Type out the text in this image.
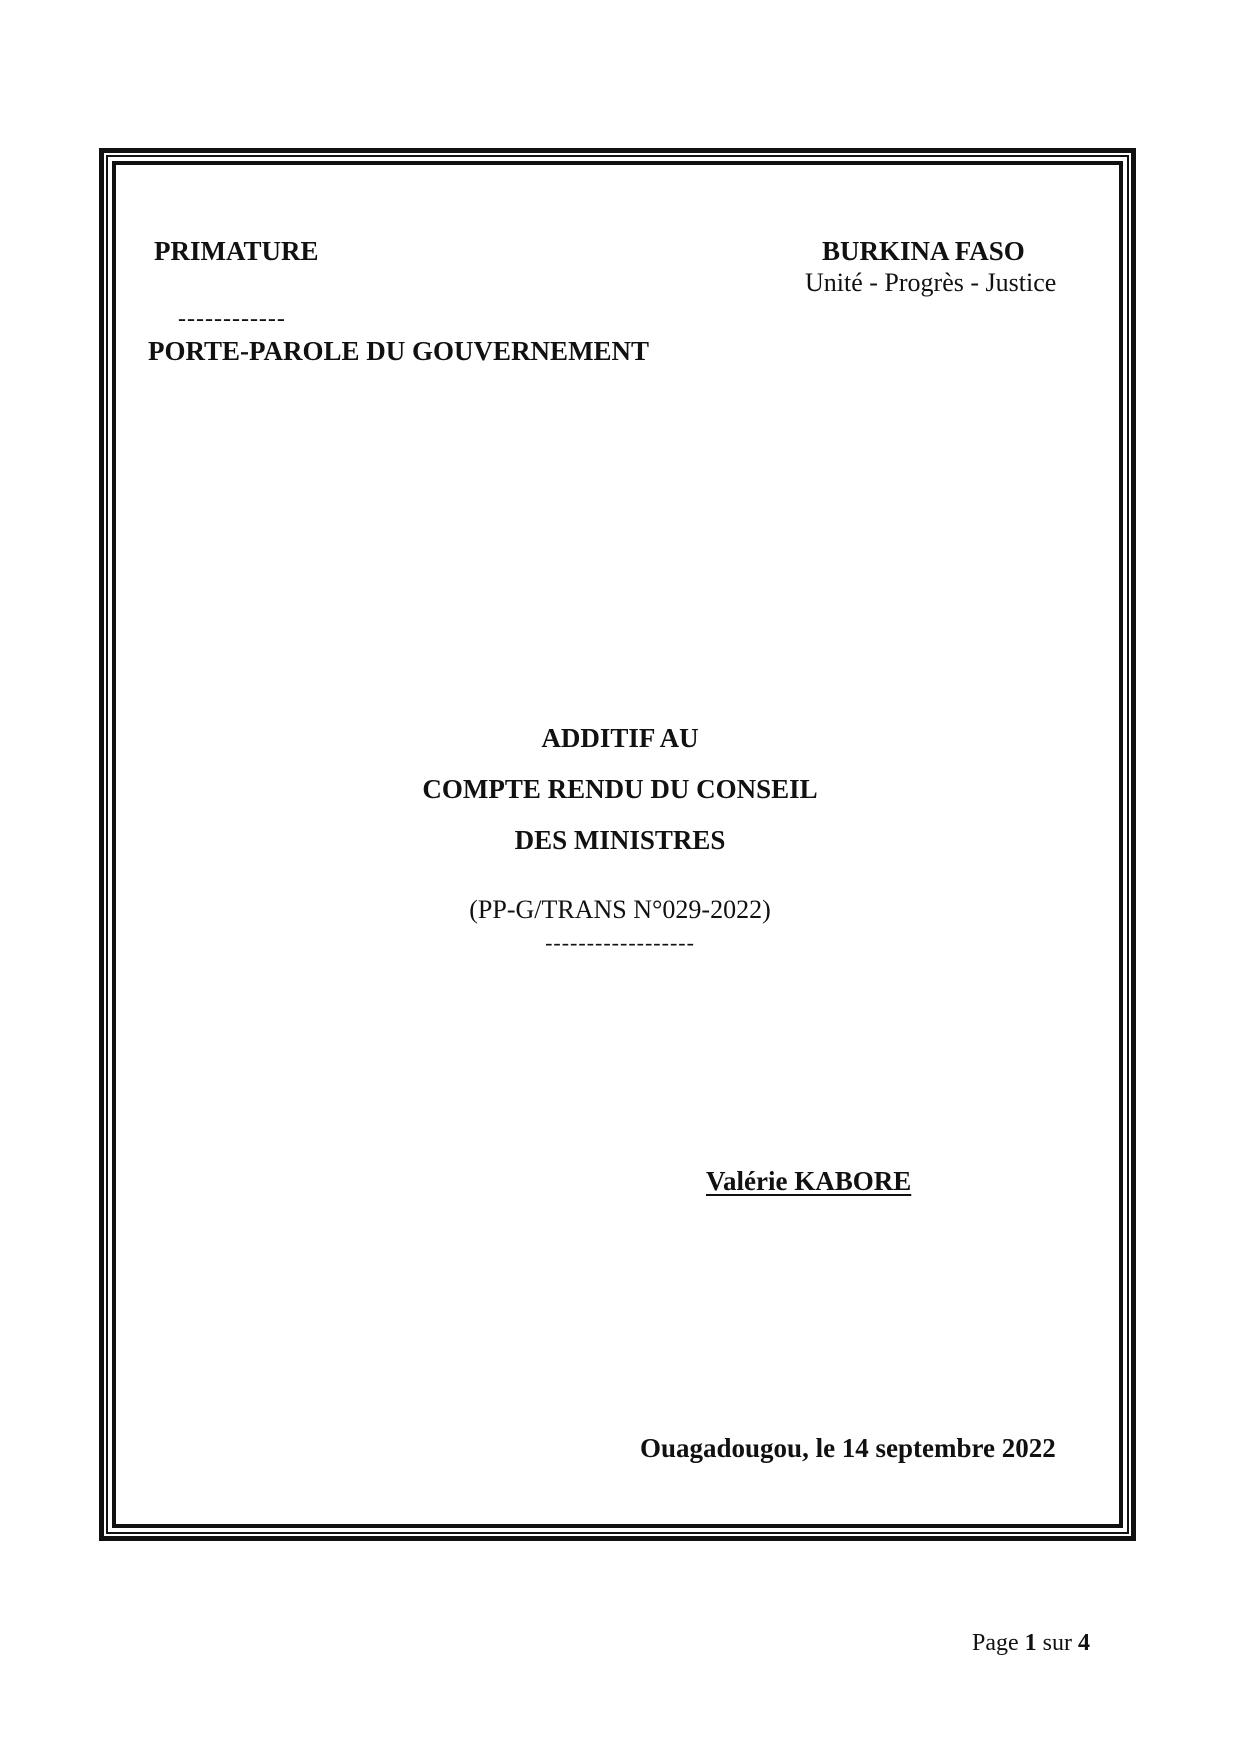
PRIMATURE	BURKINA FASO
Unité - Progrès - Justice
------------
PORTE-PAROLE DU GOUVERNEMENT
ADDITIF AU
COMPTE RENDU DU CONSEIL
DES MINISTRES
(PP-G/TRANS N°029-2022)
------------------
Valérie KABORE
Ouagadougou, le 14 septembre 2022
Page 1 sur 4
